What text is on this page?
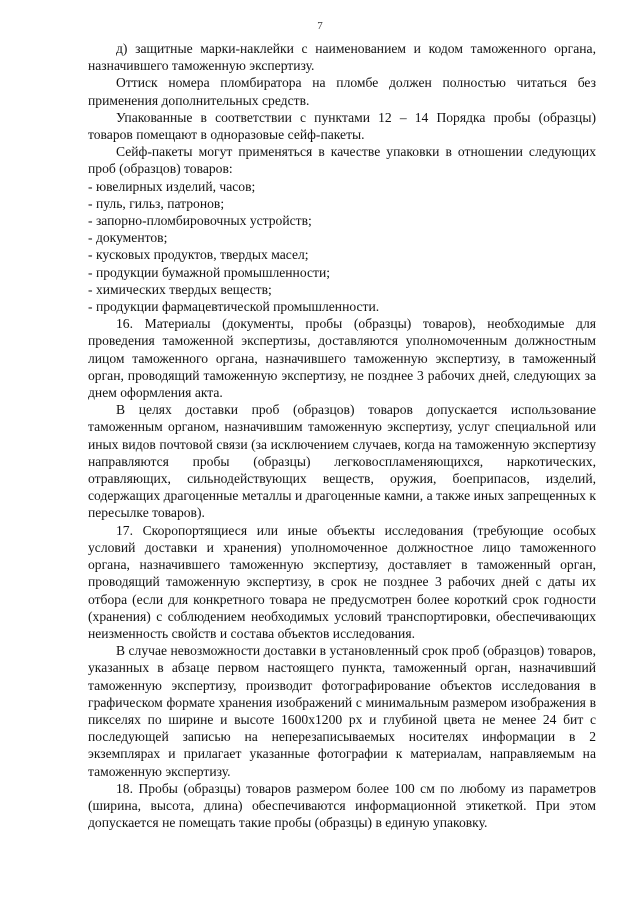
7

д) защитные марки-наклейки с наименованием и кодом таможенного органа, назначившего таможенную экспертизу.

Оттиск номера пломбиратора на пломбе должен полностью читаться без применения дополнительных средств.

Упакованные в соответствии с пунктами 12 – 14 Порядка пробы (образцы) товаров помещают в одноразовые сейф-пакеты.

Сейф-пакеты могут применяться в качестве упаковки в отношении следующих проб (образцов) товаров:

- ювелирных изделий, часов;
- пуль, гильз, патронов;
- запорно-пломбировочных устройств;
- документов;
- кусковых продуктов, твердых масел;
- продукции бумажной промышленности;
- химических твердых веществ;
- продукции фармацевтической промышленности.

16. Материалы (документы, пробы (образцы) товаров), необходимые для проведения таможенной экспертизы, доставляются уполномоченным должностным лицом таможенного органа, назначившего таможенную экспертизу, в таможенный орган, проводящий таможенную экспертизу, не позднее 3 рабочих дней, следующих за днем оформления акта.

В целях доставки проб (образцов) товаров допускается использование таможенным органом, назначившим таможенную экспертизу, услуг специальной или иных видов почтовой связи (за исключением случаев, когда на таможенную экспертизу направляются пробы (образцы) легковоспламеняющихся, наркотических, отравляющих, сильнодействующих веществ, оружия, боеприпасов, изделий, содержащих драгоценные металлы и драгоценные камни, а также иных запрещенных к пересылке товаров).

17. Скоропортящиеся или иные объекты исследования (требующие особых условий доставки и хранения) уполномоченное должностное лицо таможенного органа, назначившего таможенную экспертизу, доставляет в таможенный орган, проводящий таможенную экспертизу, в срок не позднее 3 рабочих дней с даты их отбора (если для конкретного товара не предусмотрен более короткий срок годности (хранения) с соблюдением необходимых условий транспортировки, обеспечивающих неизменность свойств и состава объектов исследования.

В случае невозможности доставки в установленный срок проб (образцов) товаров, указанных в абзаце первом настоящего пункта, таможенный орган, назначивший таможенную экспертизу, производит фотографирование объектов исследования в графическом формате хранения изображений с минимальным размером изображения в пикселях по ширине и высоте 1600x1200 px и глубиной цвета не менее 24 бит с последующей записью на неперезаписываемых носителях информации в 2 экземплярах и прилагает указанные фотографии к материалам, направляемым на таможенную экспертизу.

18. Пробы (образцы) товаров размером более 100 см по любому из параметров (ширина, высота, длина) обеспечиваются информационной этикеткой. При этом допускается не помещать такие пробы (образцы) в единую упаковку.
